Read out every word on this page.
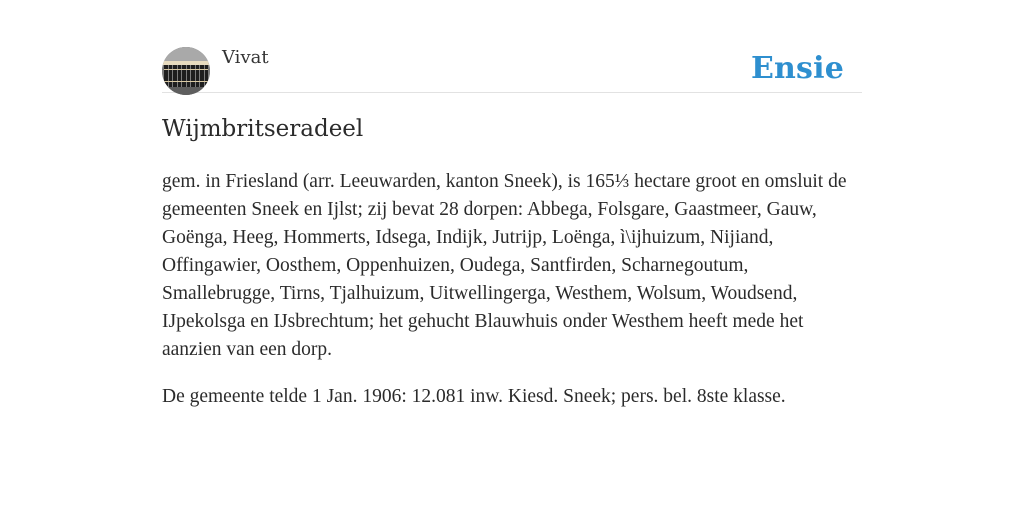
Vivat	Ensie
Wijmbritseradeel

gem. in Friesland (arr. Leeuwarden, kanton Sneek), is 165⅓ hectare groot en omsluit de gemeenten Sneek en Ijlst; zij bevat 28 dorpen: Abbega, Folsgare, Gaastmeer, Gauw, Goënga, Heeg, Hommerts, Idsega, Indijk, Jutrijp, Loënga, ì\ijhuizum, Nijiand, Offingawier, Oosthem, Oppenhuizen, Oudega, Santfirden, Scharnegoutum, Smallebrugge, Tirns, Tjalhuizum, Uitwellingerga, Westhem, Wolsum, Woudsend, IJpekolsga en IJsbrechtum; het gehucht Blauwhuis onder Westhem heeft mede het aanzien van een dorp.

De gemeente telde 1 Jan. 1906: 12.081 inw. Kiesd. Sneek; pers. bel. 8ste klasse.
